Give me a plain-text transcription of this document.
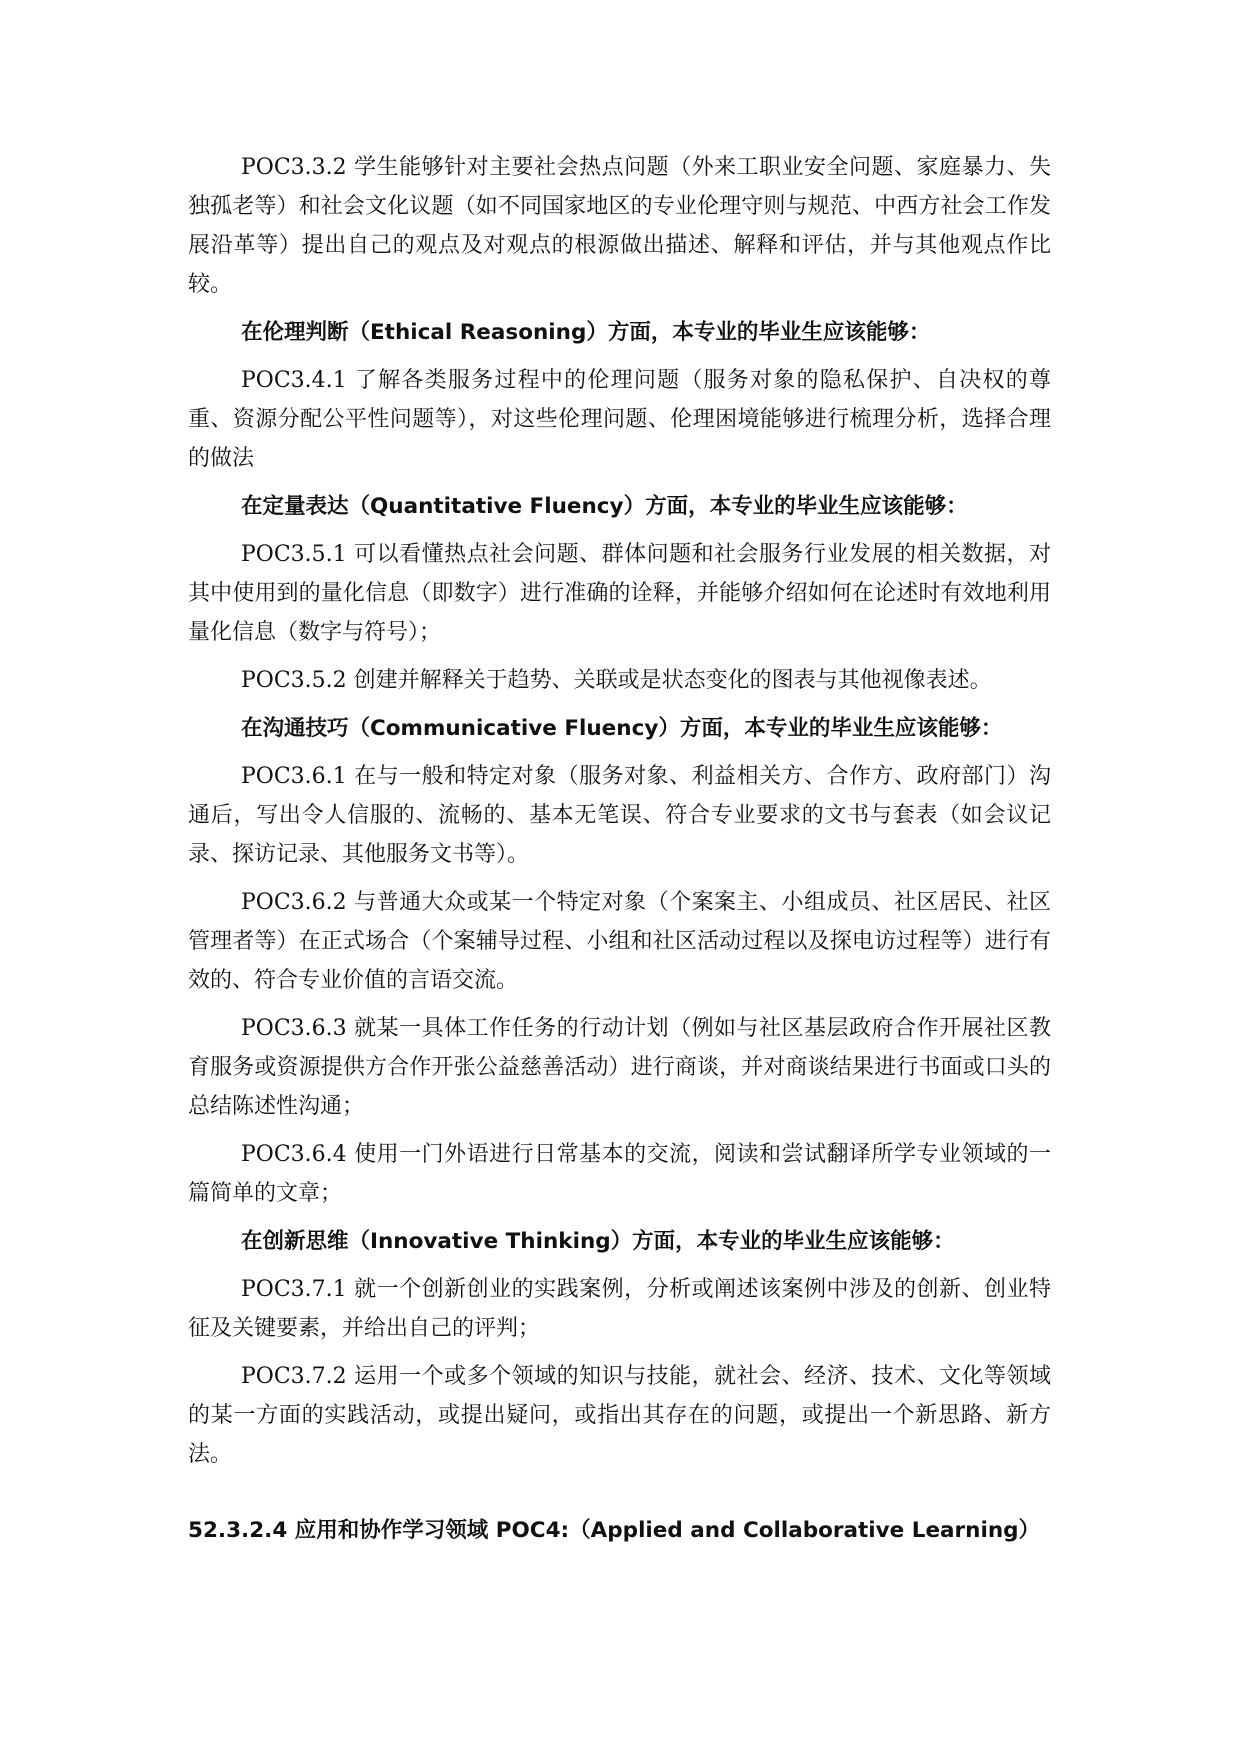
POC3.3.2 学生能够针对主要社会热点问题（外来工职业安全问题、家庭暴力、失独孤老等）和社会文化议题（如不同国家地区的专业伦理守则与规范、中西方社会工作发展沿革等）提出自己的观点及对观点的根源做出描述、解释和评估，并与其他观点作比较。

在伦理判断（Ethical Reasoning）方面，本专业的毕业生应该能够：

POC3.4.1 了解各类服务过程中的伦理问题（服务对象的隐私保护、自决权的尊重、资源分配公平性问题等），对这些伦理问题、伦理困境能够进行梳理分析，选择合理的做法

在定量表达（Quantitative Fluency）方面，本专业的毕业生应该能够：

POC3.5.1 可以看懂热点社会问题、群体问题和社会服务行业发展的相关数据，对其中使用到的量化信息（即数字）进行准确的诠释，并能够介绍如何在论述时有效地利用量化信息（数字与符号）；

POC3.5.2 创建并解释关于趋势、关联或是状态变化的图表与其他视像表述。

在沟通技巧（Communicative Fluency）方面，本专业的毕业生应该能够：

POC3.6.1 在与一般和特定对象（服务对象、利益相关方、合作方、政府部门）沟通后，写出令人信服的、流畅的、基本无笔误、符合专业要求的文书与套表（如会议记录、探访记录、其他服务文书等）。

POC3.6.2 与普通大众或某一个特定对象（个案案主、小组成员、社区居民、社区管理者等）在正式场合（个案辅导过程、小组和社区活动过程以及探电访过程等）进行有效的、符合专业价值的言语交流。

POC3.6.3 就某一具体工作任务的行动计划（例如与社区基层政府合作开展社区教育服务或资源提供方合作开张公益慈善活动）进行商谈，并对商谈结果进行书面或口头的总结陈述性沟通；

POC3.6.4 使用一门外语进行日常基本的交流，阅读和尝试翻译所学专业领域的一篇简单的文章；

在创新思维（Innovative Thinking）方面，本专业的毕业生应该能够：

POC3.7.1 就一个创新创业的实践案例，分析或阐述该案例中涉及的创新、创业特征及关键要素，并给出自己的评判；

POC3.7.2 运用一个或多个领域的知识与技能，就社会、经济、技术、文化等领域的某一方面的实践活动，或提出疑问，或指出其存在的问题，或提出一个新思路、新方法。

52.3.2.4 应用和协作学习领域 POC4:（Applied and Collaborative Learning）
